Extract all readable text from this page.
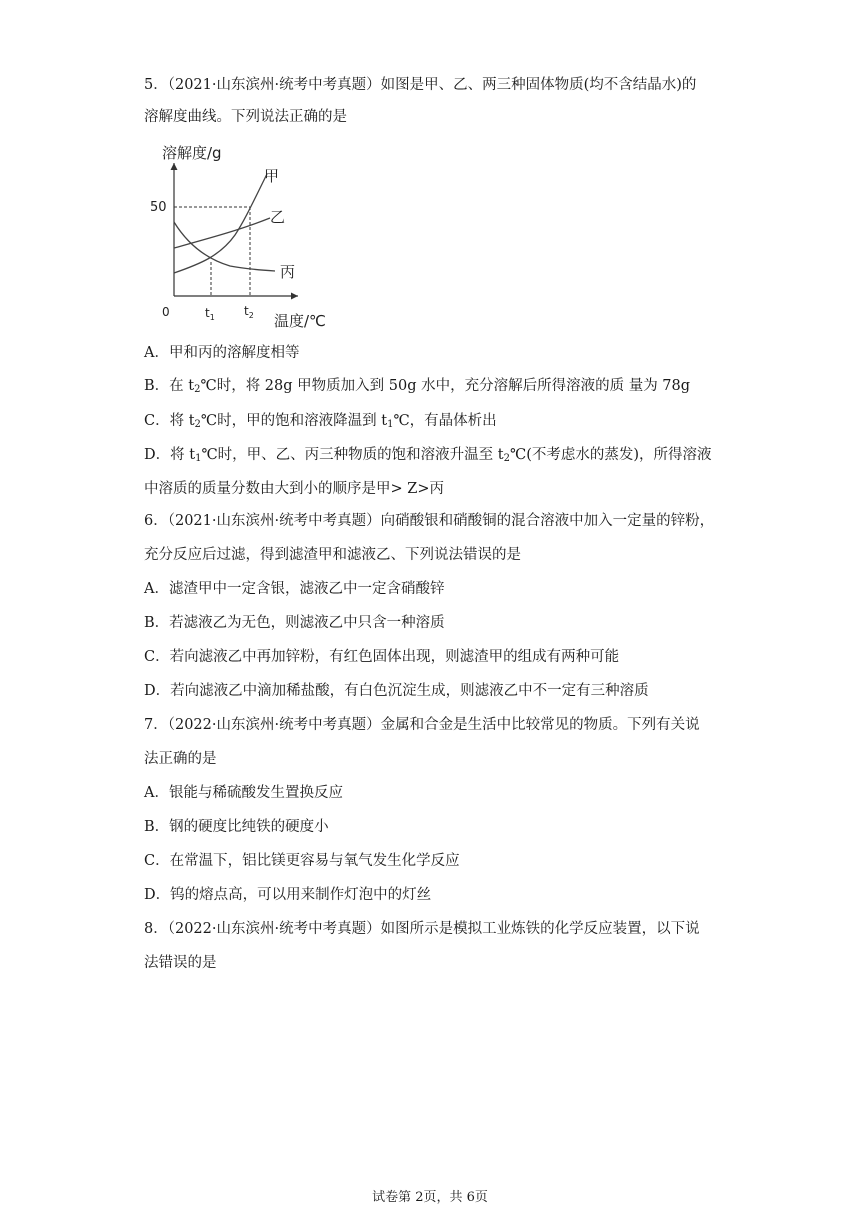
5．（2021·山东滨州·统考中考真题）如图是甲、乙、两三种固体物质(均不含结晶水)的
溶解度曲线。下列说法正确的是
溶解度/g
50
0	$t_1$ $t_2$ 温度/℃
甲
乙
丙
A．甲和丙的溶解度相等
B．在 $t_2℃$时，将 28g 甲物质加入到 50g 水中，充分溶解后所得溶液的质 量为 78g
C．将 $t_2℃$时，甲的饱和溶液降温到 $t_1℃$，有晶体析出
D．将 $t_1℃$时，甲、乙、丙三种物质的饱和溶液升温至 $t_2℃$(不考虑水的蒸发)，所得溶液
中溶质的质量分数由大到小的顺序是甲> Z>丙
6．（2021·山东滨州·统考中考真题）向硝酸银和硝酸铜的混合溶液中加入一定量的锌粉，
充分反应后过滤，得到滤渣甲和滤液乙、下列说法错误的是
A．滤渣甲中一定含银，滤液乙中一定含硝酸锌
B．若滤液乙为无色，则滤液乙中只含一种溶质
C．若向滤液乙中再加锌粉，有红色固体出现，则滤渣甲的组成有两种可能
D．若向滤液乙中滴加稀盐酸，有白色沉淀生成，则滤液乙中不一定有三种溶质
7．（2022·山东滨州·统考中考真题）金属和合金是生活中比较常见的物质。下列有关说
法正确的是
A．银能与稀硫酸发生置换反应
B．钢的硬度比纯铁的硬度小
C．在常温下，铝比镁更容易与氧气发生化学反应
D．钨的熔点高，可以用来制作灯泡中的灯丝
8．（2022·山东滨州·统考中考真题）如图所示是模拟工业炼铁的化学反应装置，以下说
法错误的是
试卷第 2页，共 6页
